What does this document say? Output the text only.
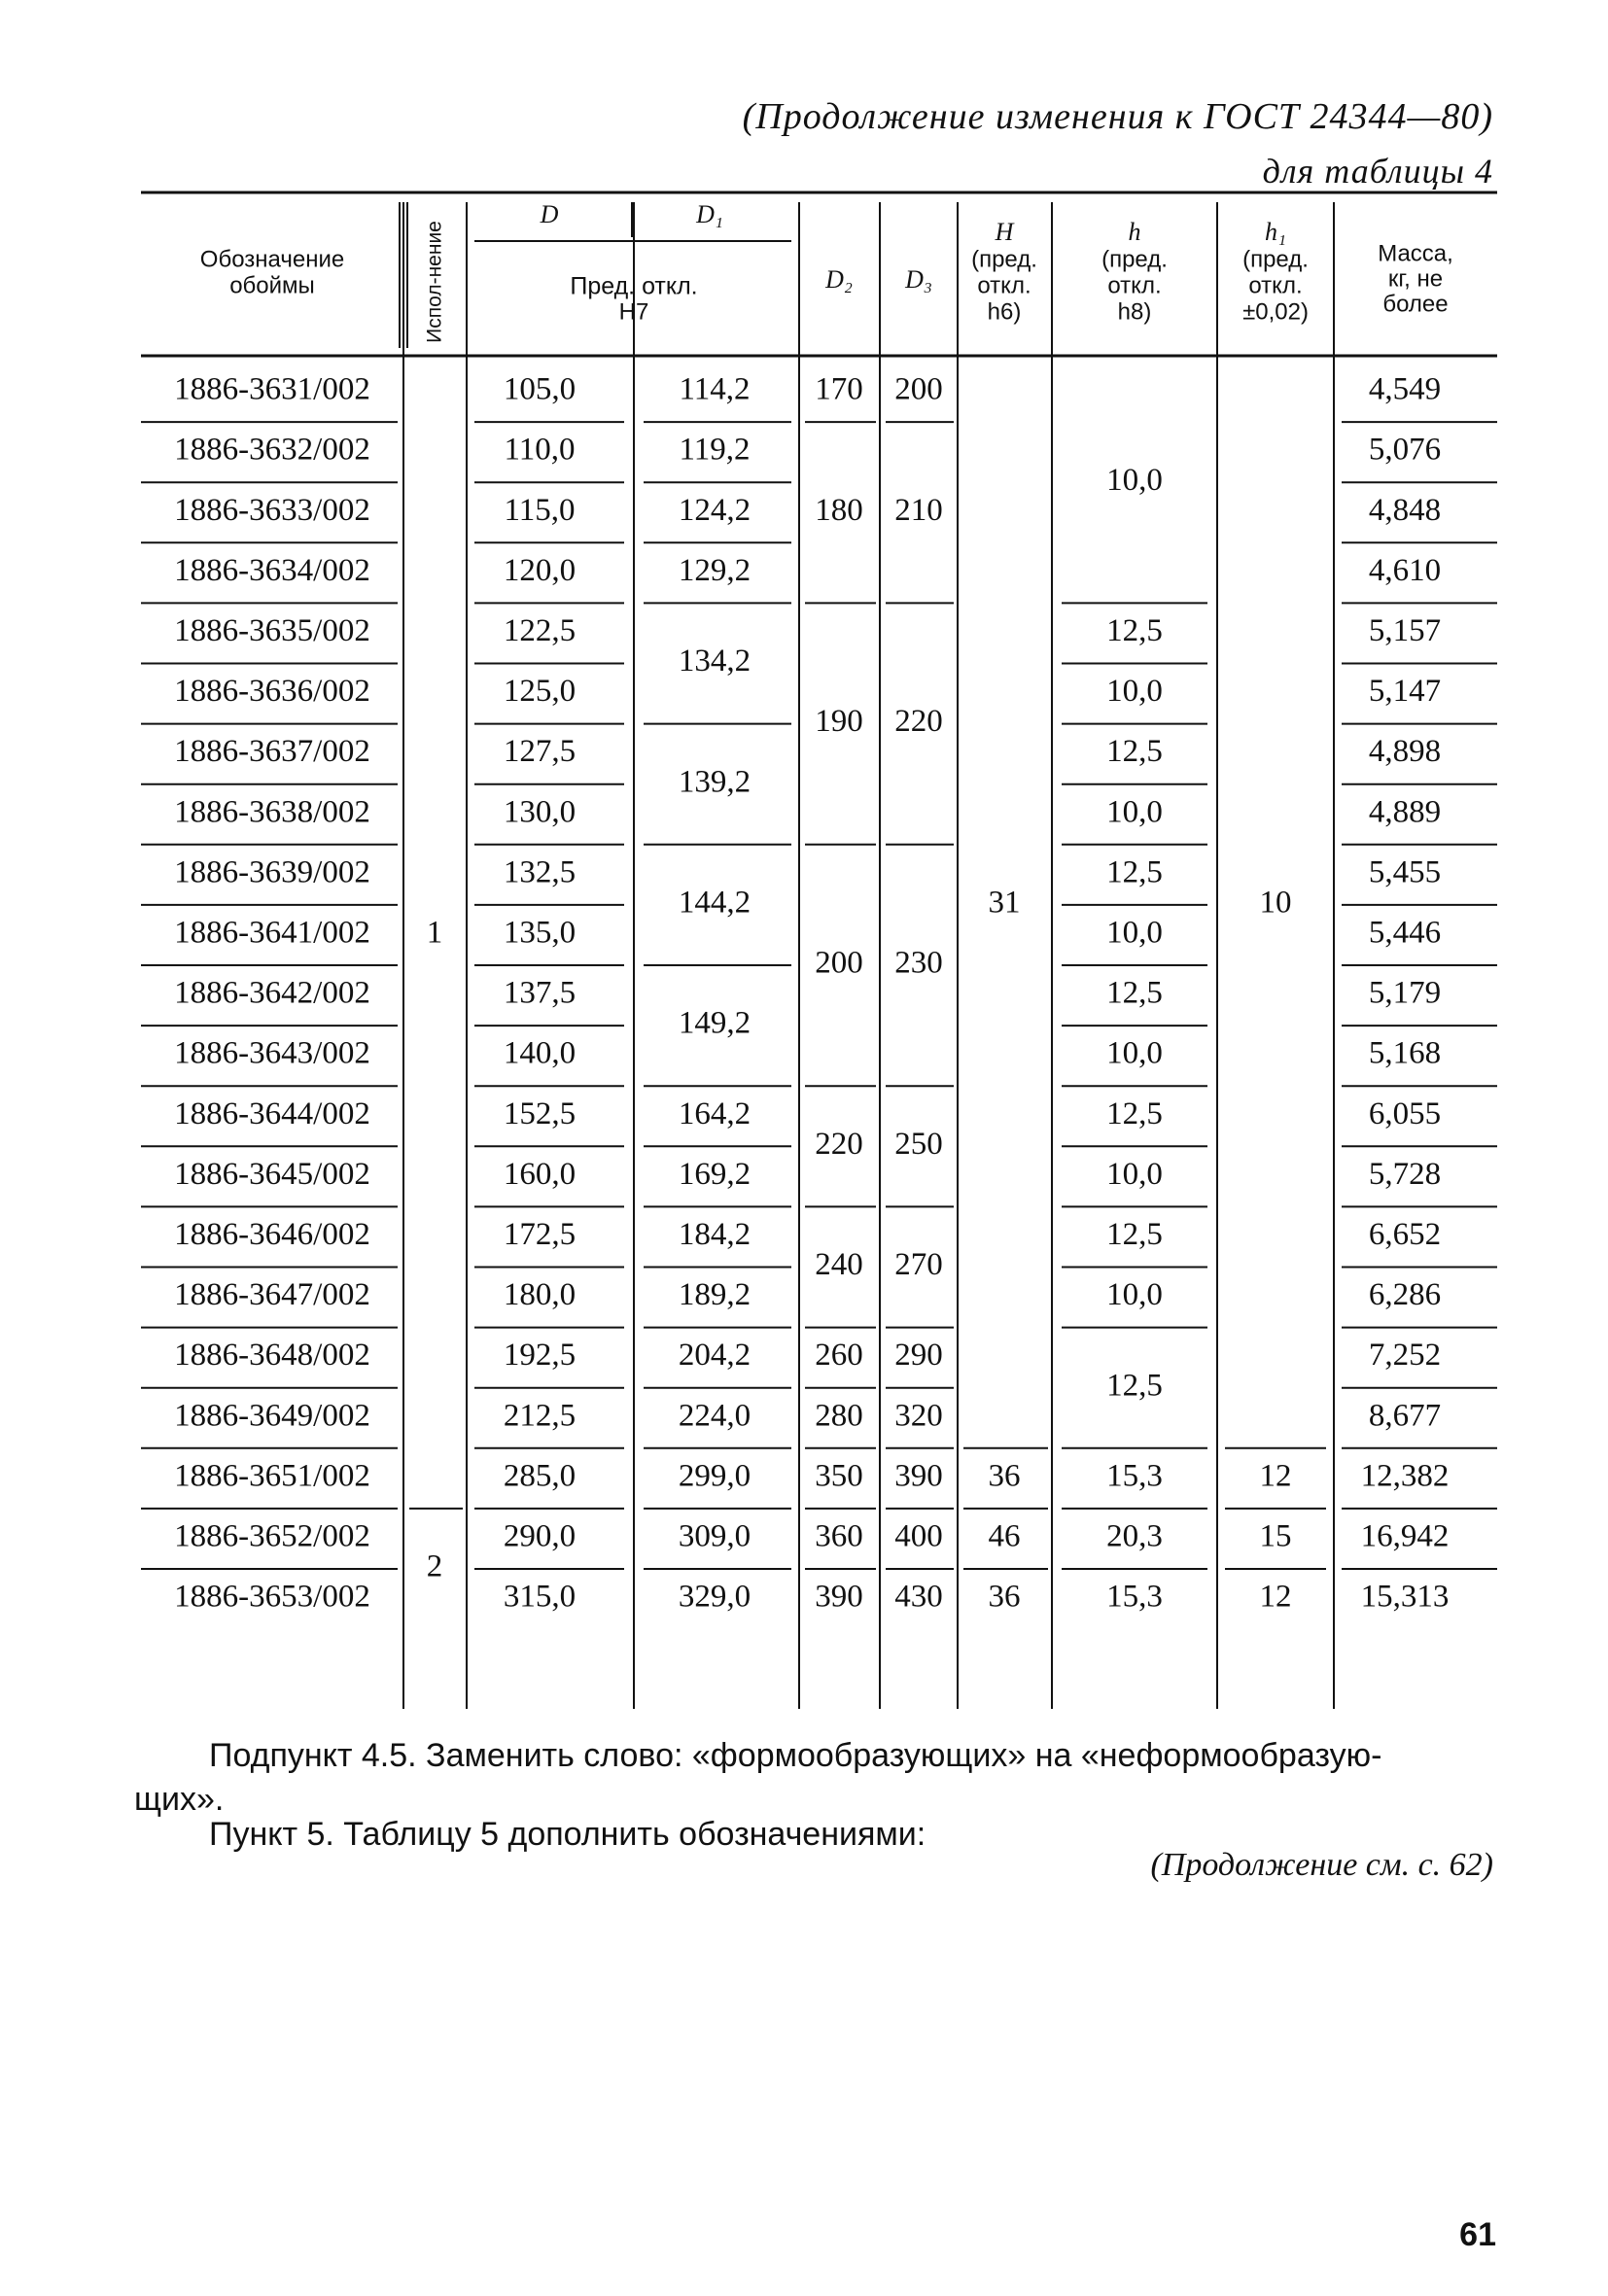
(Продолжение изменения к ГОСТ 24344—80)
для таблицы 4
Обозначение
обоймы	Испол-нение
D	D₁
Пред. откл.
H7
D₂ D₃
H
(пред.
откл.
h6)
h
(пред.
откл.
h8)
h₁
(пред.
откл.
±0,02)
Масса,
кг, не
более
1886-3631/002
1886-3632/002
1886-3633/002
1886-3634/002
1886-3635/002
1886-3636/002
1886-3637/002
1886-3638/002
1886-3639/002
1886-3641/002
1886-3642/002
1886-3643/002
1886-3644/002
1886-3645/002
1886-3646/002
1886-3647/002
1886-3648/002
1886-3649/002
1886-3651/002
1886-3652/002
1886-3653/002
105,0
110,0
115,0
120,0
122,5
125,0
127,5
130,0
132,5
135,0
137,5
140,0
152,5
160,0
172,5
180,0
192,5
212,5
285,0
290,0
315,0
4,549
5,076
4,848
4,610
5,157
5,147
4,898
4,889
5,455
5,446
5,179
5,168
6,055
5,728
6,652
6,286
7,252
8,677
12,382
16,942
15,313
1
2
114,2
119,2
124,2
129,2
134,2
139,2
144,2
149,2
164,2
169,2
184,2
189,2
204,2
224,0
299,0
309,0
329,0
170
180
190
200
220
240
260
280
350
360
390
200
210
220
230
250
270
290
320
390
400
430
31
36
46
36
10,0
12,5
10,0
12,5
10,0
12,5
10,0
12,5
10,0
12,5
10,0
12,5
10,0
12,5
15,3
20,3
15,3
10
12
15
12
Подпункт 4.5. Заменить слово: «формообразующих» на «неформообразую-
щих».
Пункт 5. Таблицу 5 дополнить обозначениями:
(Продолжение см. с. 62)
61
